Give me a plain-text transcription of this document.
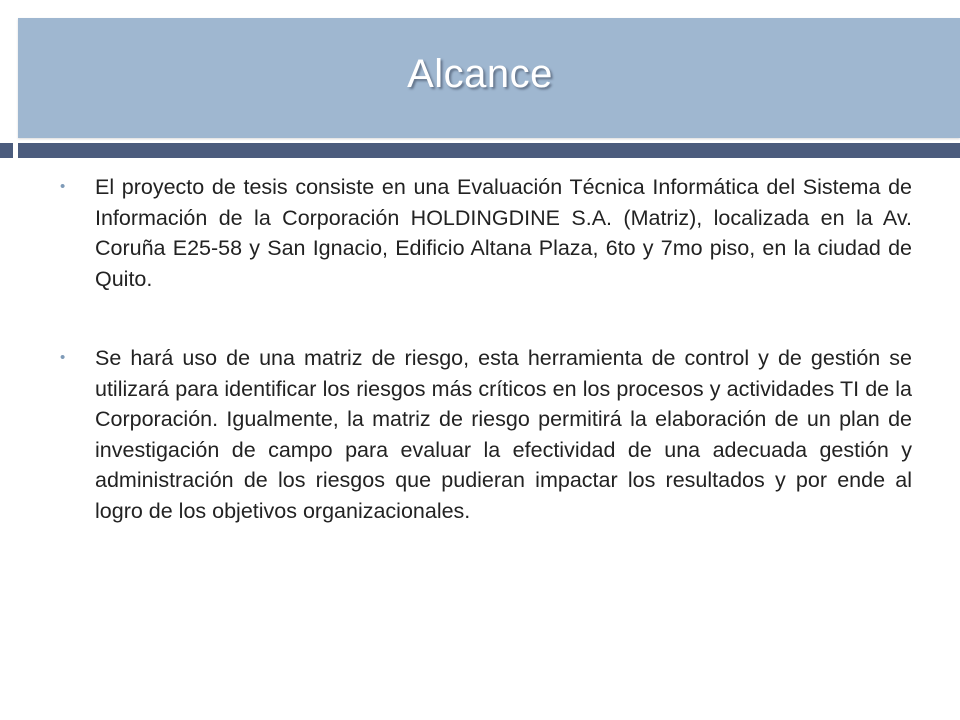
Alcance
•	El proyecto de tesis consiste en una Evaluación Técnica Informática del Sistema de Información de la Corporación HOLDINGDINE S.A. (Matriz), localizada en la Av. Coruña E25-58 y San Ignacio, Edificio Altana Plaza, 6to y 7mo piso, en la ciudad de Quito.
•	Se hará uso de una matriz de riesgo, esta herramienta de control y de gestión se utilizará para identificar los riesgos más críticos en los procesos y actividades TI de la Corporación. Igualmente, la matriz de riesgo permitirá la elaboración de un plan de investigación de campo para evaluar la efectividad de una adecuada gestión y administración de los riesgos que pudieran impactar los resultados y por ende al logro de los objetivos organizacionales.
